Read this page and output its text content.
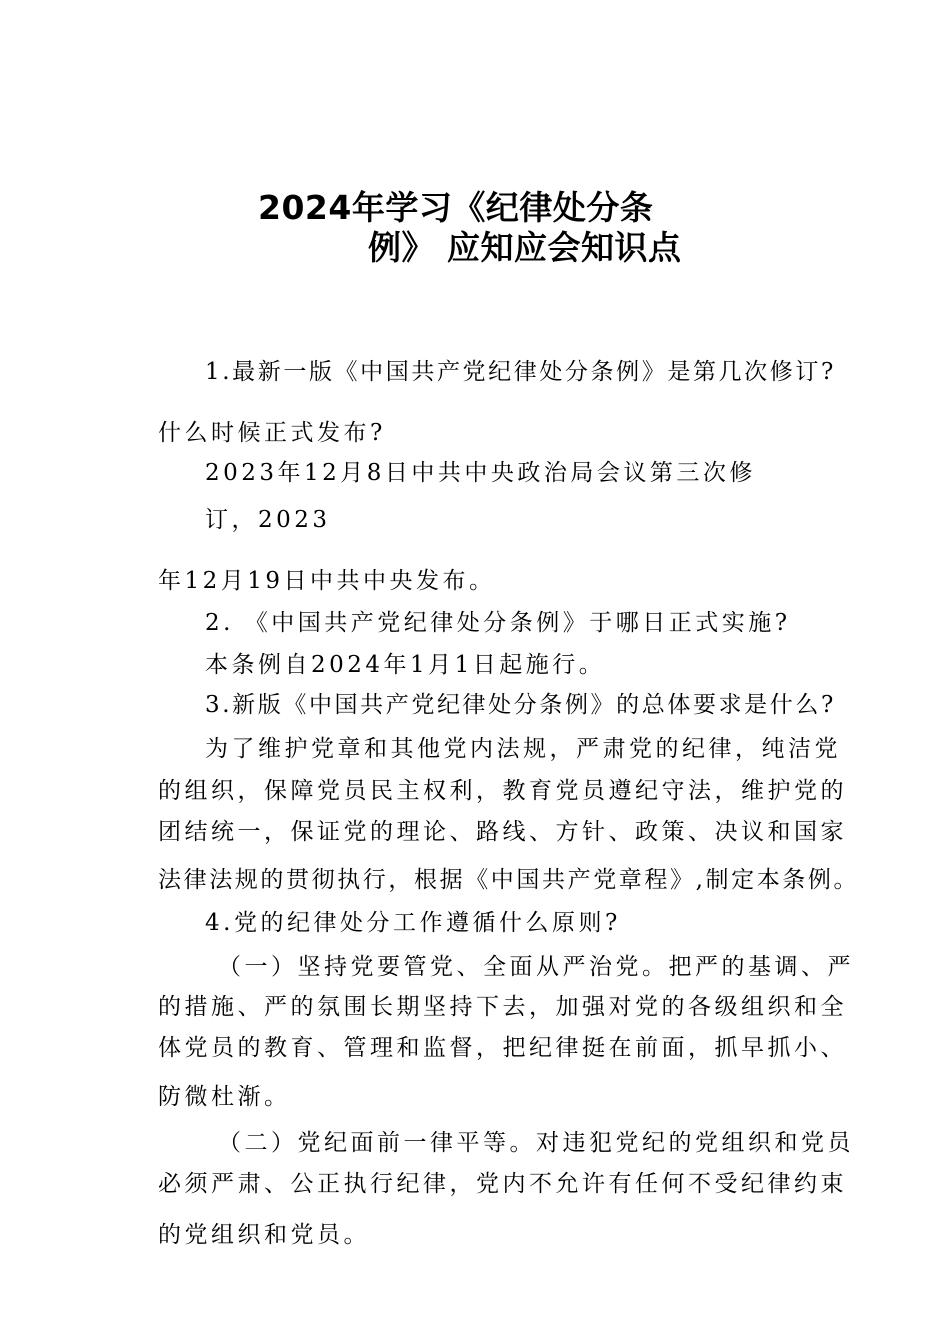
2024年学习《纪律处分条
例》 应知应会知识点
1.最新一版《中国共产党纪律处分条例》是第几次修订?
什么时候正式发布?
2023年12月8日中共中央政治局会议第三次修
订，2023
年12月19日中共中央发布。
2. 《中国共产党纪律处分条例》于哪日正式实施?
本条例自2024年1月1日起施行。
3.新版《中国共产党纪律处分条例》的总体要求是什么?
为了维护党章和其他党内法规，严肃党的纪律，纯洁党
的组织，保障党员民主权利，教育党员遵纪守法，维护党的
团结统一，保证党的理论、路线、方针、政策、决议和国家
法律法规的贯彻执行，根据《中国共产党章程》,制定本条例。
4.党的纪律处分工作遵循什么原则?
（一）坚持党要管党、全面从严治党。把严的基调、严
的措施、严的氛围长期坚持下去，加强对党的各级组织和全
体党员的教育、管理和监督，把纪律挺在前面，抓早抓小、
防微杜渐。
（二）党纪面前一律平等。对违犯党纪的党组织和党员
必须严肃、公正执行纪律，党内不允许有任何不受纪律约束
的党组织和党员。
